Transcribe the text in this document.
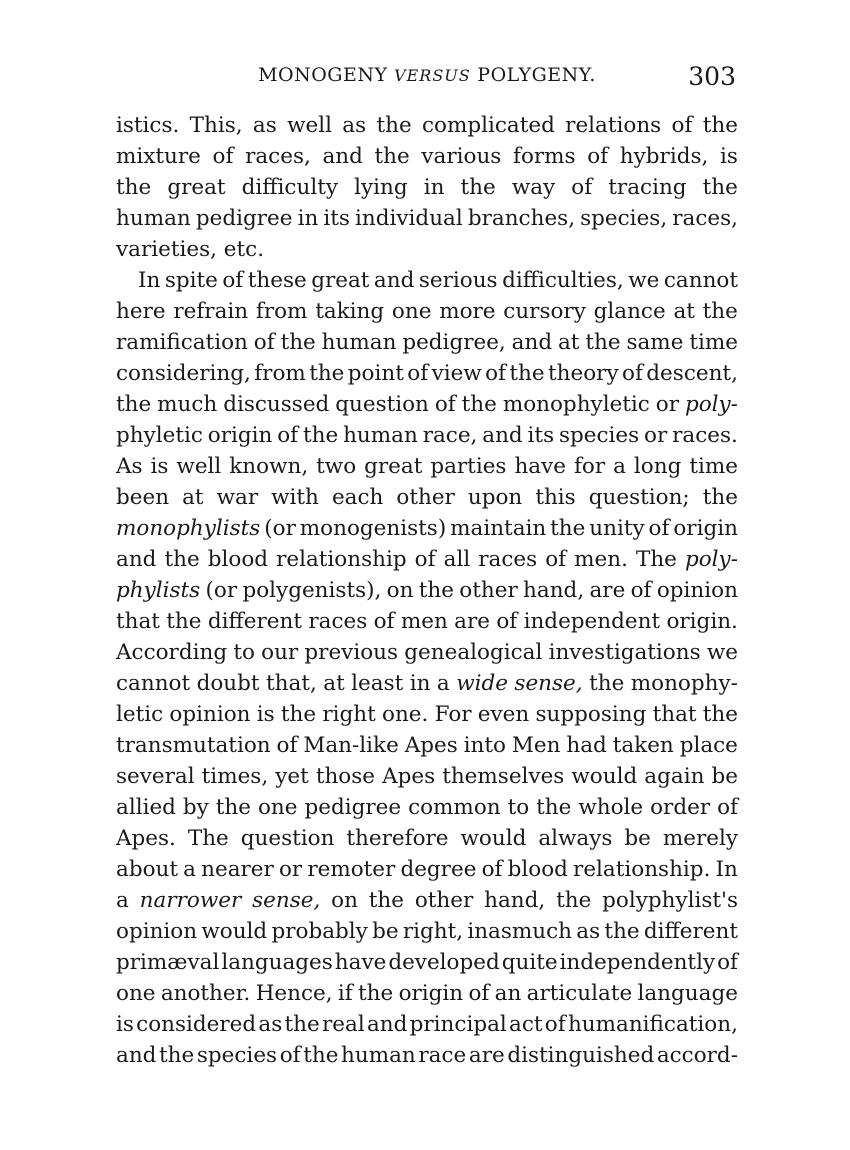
MONOGENY VERSUS POLYGENY.	303
istics. This, as well as the complicated relations of the
mixture of races, and the various forms of hybrids, is
the great difficulty lying in the way of tracing the
human pedigree in its individual branches, species, races,
varieties,
etc.

In spite of these great and serious difficulties, we cannot
here refrain from taking one more cursory glance at the
ramification of the human pedigree, and at the same time
considering, from the point of view of the theory of descent,
the much discussed question of the monophyletic or poly-
phyletic origin of the human race, and its species or races.
As is well known, two great parties have for a long time
been at war with each other upon this question; the
monophylists (or monogenists) maintain the unity of origin
and the blood relationship of all races of men. The poly-
phylists (or polygenists), on the other hand, are of opinion
that the different races of men are of independent origin.
According to our previous genealogical investigations we
cannot doubt that, at least in a wide sense, the monophy-
letic opinion is the right one. For even supposing that the
transmutation of Man-like Apes into Men had taken place
several times, yet those Apes themselves would again be
allied by the one pedigree common to the whole order of
Apes. The question therefore would always be merely
about a nearer or remoter degree of blood relationship. In
a narrower sense, on the other hand, the polyphylist's
opinion would probably be right, inasmuch as the different
primæval languages have developed quite independently of
one another. Hence, if the origin of an articulate language
is considered as the real and principal act of humanification,
and the species of the human race are distinguished accord-
